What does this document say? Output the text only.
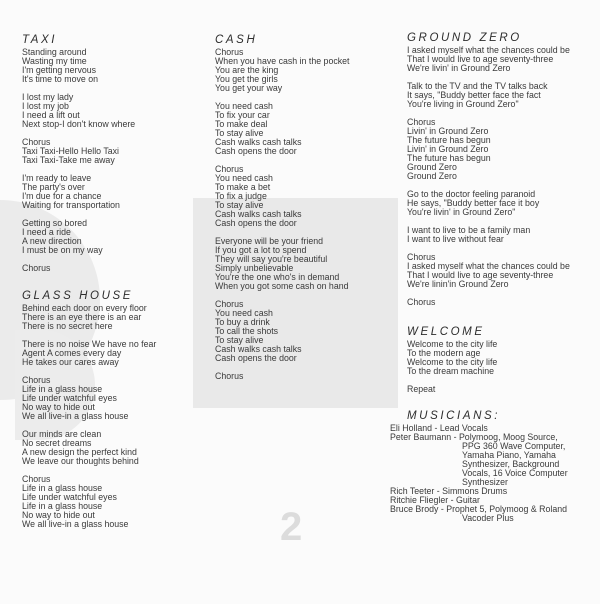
TAXI
Standing around
Wasting my time
I'm getting nervous
It's time to move on
I lost my lady
I lost my job
I need a lift out
Next stop-I don't know where
Chorus
Taxi Taxi-Hello Hello Taxi
Taxi Taxi-Take me away
I'm ready to leave
The party's over
I'm due for a chance
Waiting for transportation
Getting so bored
I need a ride
A new direction
I must be on my way
Chorus
GLASS HOUSE
Behind each door on every floor
There is an eye there is an ear
There is no secret here
There is no noise We have no fear
Agent A comes every day
He takes our cares away
Chorus
Life in a glass house
Life under watchful eyes
No way to hide out
We all live-in a glass house
Our minds are clean
No secret dreams
A new design the perfect kind
We leave our thoughts behind
Chorus
Life in a glass house
Life under watchful eyes
Life in a glass house
No way to hide out
We all live-in a glass house
CASH
Chorus
When you have cash in the pocket
You are the king
You get the girls
You get your way
You need cash
To fix your car
To make deal
To stay alive
Cash walks cash talks
Cash opens the door
Chorus
You need cash
To make a bet
To fix a judge
To stay alive
Cash walks cash talks
Cash opens the door
Everyone will be your friend
If you got a lot to spend
They will say you're beautiful
Simply unbelievable
You're the one who's in demand
When you got some cash on hand
Chorus
You need cash
To buy a drink
To call the shots
To stay alive
Cash walks cash talks
Cash opens the door
Chorus
GROUND ZERO
I asked myself what the chances could be
That I would live to age seventy-three
We're livin' in Ground Zero
Talk to the TV and the TV talks back
It says, "Buddy better face the fact
You're living in Ground Zero"
Chorus
Livin' in Ground Zero
The future has begun
Livin' in Ground Zero
The future has begun
Ground Zero
Ground Zero
Go to the doctor feeling paranoid
He says, "Buddy better face it boy
You're livin' in Ground Zero"
I want to live to be a family man
I want to live without fear
Chorus
I asked myself what the chances could be
That I would live to age seventy-three
We're linin'in Ground Zero
Chorus
WELCOME
Welcome to the city life
To the modern age
Welcome to the city life
To the dream machine
Repeat
MUSICIANS:
Eli Holland - Lead Vocals
Peter Baumann - Polymoog, Moog Source,
PPG 360 Wave Computer,
Yamaha Piano, Yamaha
Synthesizer, Background
Vocals, 16 Voice Computer
Synthesizer
Rich Teeter - Simmons Drums
Ritchie Fliegler - Guitar
Bruce Brody - Prophet 5, Polymoog & Roland
Vacoder Plus
2
